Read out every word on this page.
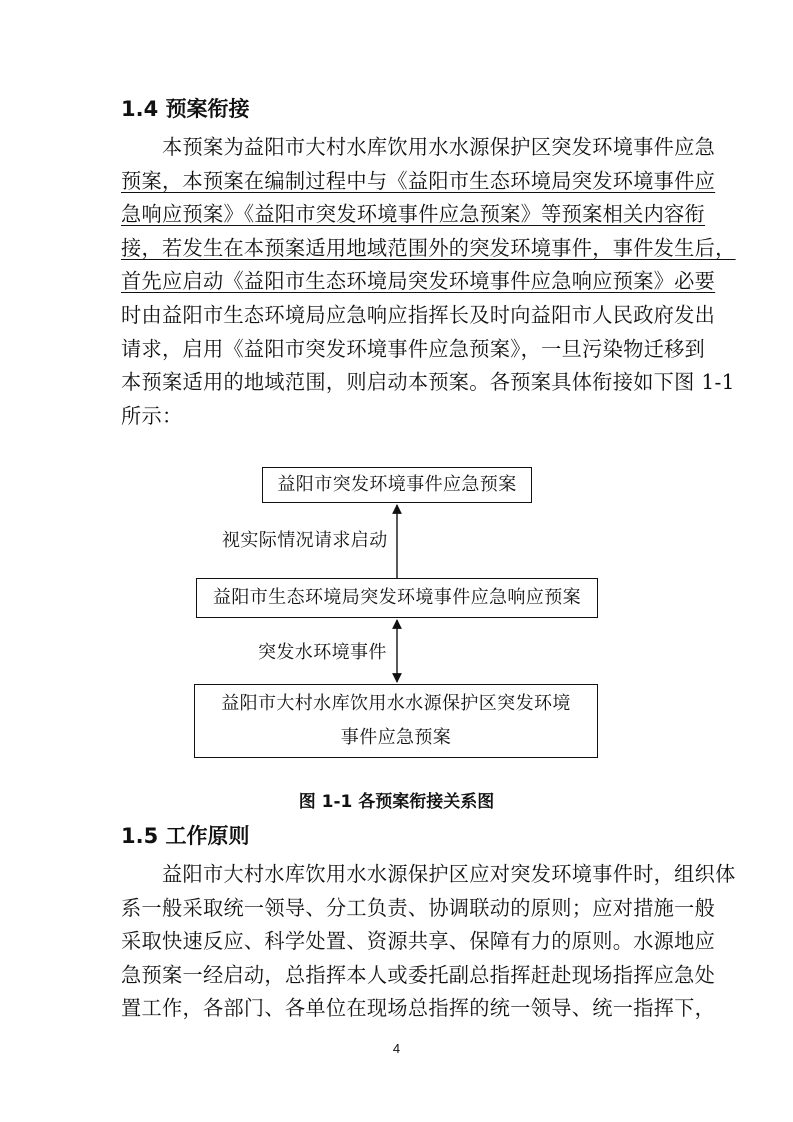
1.4 预案衔接
　　本预案为益阳市大村水库饮用水水源保护区突发环境事件应急
预案，本预案在编制过程中与《益阳市生态环境局突发环境事件应
急响应预案》《益阳市突发环境事件应急预案》等预案相关内容衔
接，若发生在本预案适用地域范围外的突发环境事件，事件发生后，
首先应启动《益阳市生态环境局突发环境事件应急响应预案》必要
时由益阳市生态环境局应急响应指挥长及时向益阳市人民政府发出
请求，启用《益阳市突发环境事件应急预案》，一旦污染物迁移到
本预案适用的地域范围，则启动本预案。各预案具体衔接如下图 1-1
所示：
益阳市突发环境事件应急预案
视实际情况请求启动
益阳市生态环境局突发环境事件应急响应预案
突发水环境事件
益阳市大村水库饮用水水源保护区突发环境
事件应急预案
图 1-1 各预案衔接关系图
1.5 工作原则
　　益阳市大村水库饮用水水源保护区应对突发环境事件时，组织体
系一般采取统一领导、分工负责、协调联动的原则；应对措施一般
采取快速反应、科学处置、资源共享、保障有力的原则。水源地应
急预案一经启动，总指挥本人或委托副总指挥赶赴现场指挥应急处
置工作，各部门、各单位在现场总指挥的统一领导、统一指挥下，
4
